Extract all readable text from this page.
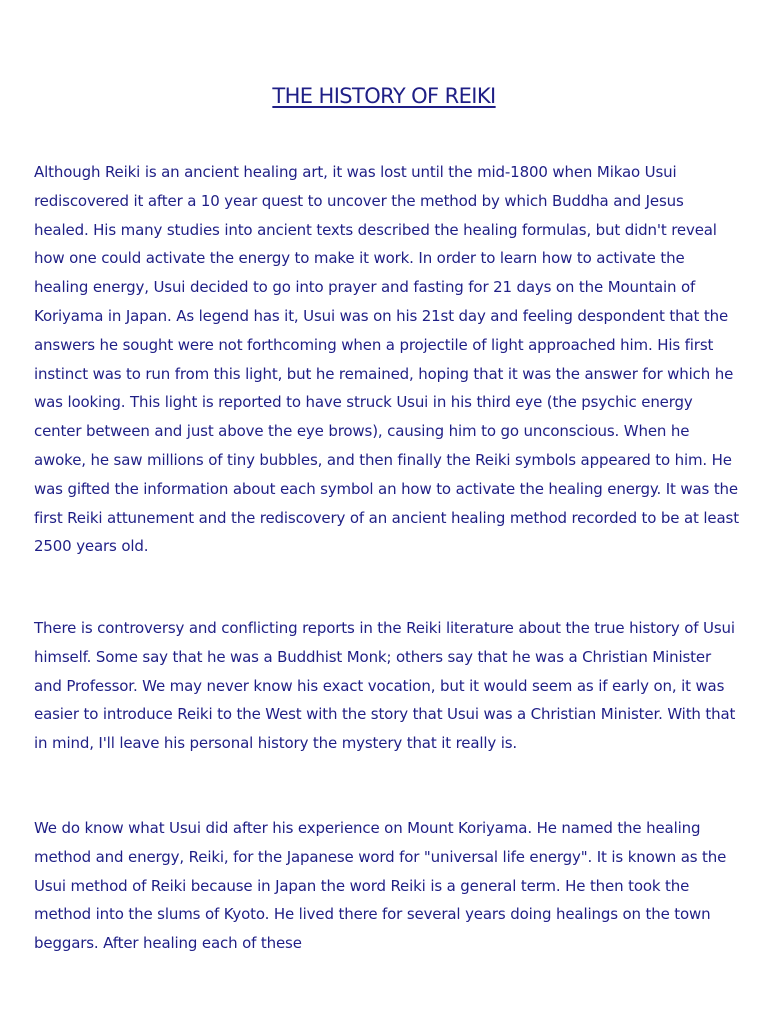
THE HISTORY OF REIKI

Although Reiki is an ancient healing art, it was lost until the mid-1800 when Mikao Usui rediscovered it after a 10 year quest to uncover the method by which Buddha and Jesus healed. His many studies into ancient texts described the healing formulas, but didn't reveal how one could activate the energy to make it work. In order to learn how to activate the healing energy, Usui decided to go into prayer and fasting for 21 days on the Mountain of Koriyama in Japan. As legend has it, Usui was on his 21st day and feeling despondent that the answers he sought were not forthcoming when a projectile of light approached him. His first instinct was to run from this light, but he remained, hoping that it was the answer for which he was looking. This light is reported to have struck Usui in his third eye (the psychic energy center between and just above the eye brows), causing him to go unconscious. When he awoke, he saw millions of tiny bubbles, and then finally the Reiki symbols appeared to him. He was gifted the information about each symbol an how to activate the healing energy. It was the first Reiki attunement and the rediscovery of an ancient healing method recorded to be at least 2500 years old.

There is controversy and conflicting reports in the Reiki literature about the true history of Usui himself. Some say that he was a Buddhist Monk; others say that he was a Christian Minister and Professor. We may never know his exact vocation, but it would seem as if early on, it was easier to introduce Reiki to the West with the story that Usui was a Christian Minister. With that in mind, I'll leave his personal history the mystery that it really is.

We do know what Usui did after his experience on Mount Koriyama. He named the healing method and energy, Reiki, for the Japanese word for "universal life energy". It is known as the Usui method of Reiki because in Japan the word Reiki is a general term. He then took the method into the slums of Kyoto. He lived there for several years doing healings on the town beggars. After healing each of these
